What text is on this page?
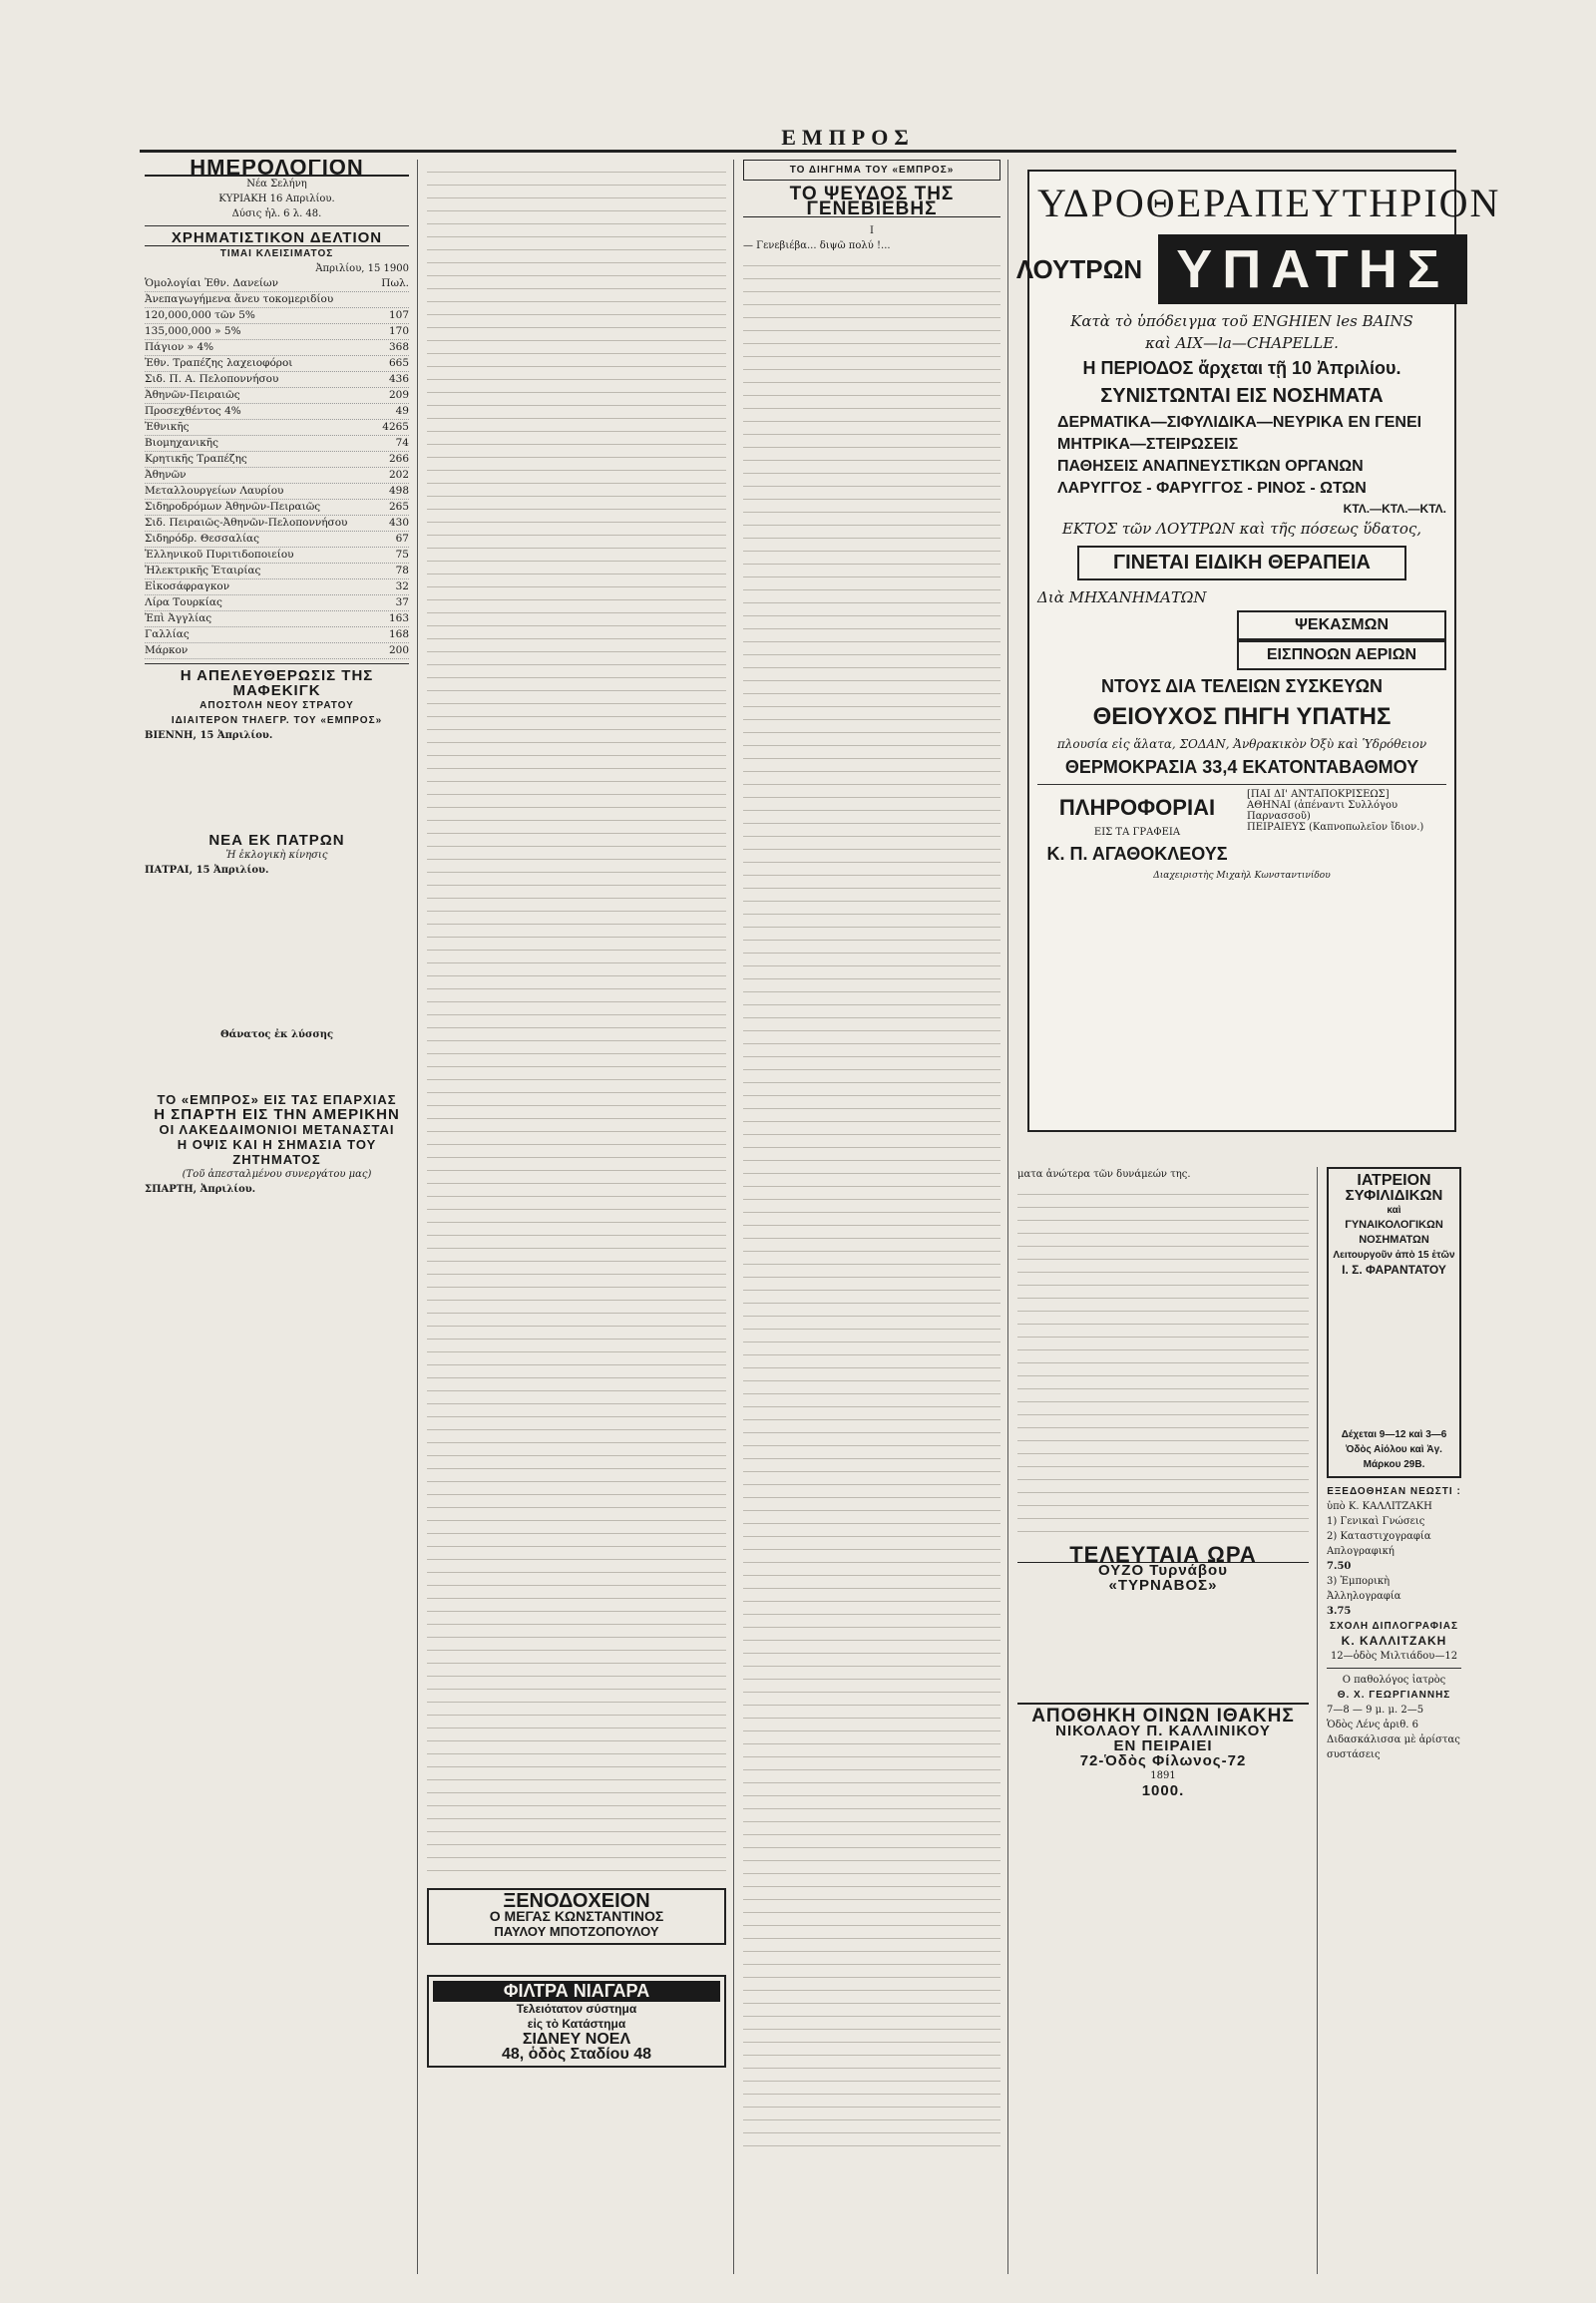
ΕΜΠΡΟΣ
ΗΜΕΡΟΛΟΓΙΟΝ
Νέα Σελήνη
ΚΥΡΙΑΚΗ 16 Απριλίου.
Δύσις ἡλ. 6 λ. 48.
ΧΡΗΜΑΤΙΣΤΙΚΟΝ ΔΕΛΤΙΟΝ
ΤΙΜΑΙ ΚΛΕΙΣΙΜΑΤΟΣ
Ἀπριλίου, 15 1900
Ὁμολογίαι Ἐθν. Δανείων	Πωλ.
Ἀνεπαγωγήμενα ἄνευ τοκομεριδίου
120,000,000 τῶν 5%	107
135,000,000 » 5%	170
Πάγιον » 4%	368
Ἐθν. Τραπέζης λαχειοφόροι	665
Σιδ. Π. Α. Πελοποννήσου	436
Ἀθηνῶν-Πειραιῶς	209
Προσεχθέντος 4%	49
Ἐθνικῆς	4265
Βιομηχανικῆς	74
Κρητικῆς Τραπέζης	266
Ἀθηνῶν	202
Μεταλλουργείων Λαυρίου	498
Σιδηροδρόμων Ἀθηνῶν-Πειραιῶς	265
Σιδ. Πειραιῶς-Ἀθηνῶν-Πελοποννήσου	430
Σιδηρόδρ. Θεσσαλίας	67
Ἑλληνικοῦ Πυριτιδοποιείου	75
Ἠλεκτρικῆς Ἑταιρίας	78
Εἰκοσάφραγκον	32
Λίρα Τουρκίας	37
Ἐπὶ Ἀγγλίας	163
Γαλλίας	168
Μάρκον	200
Η ΑΠΕΛΕΥΘΕΡΩΣΙΣ ΤΗΣ ΜΑΦΕΚΙΓΚ
ΑΠΟΣΤΟΛΗ ΝΕΟΥ ΣΤΡΑΤΟΥ
ΙΔΙΑΙΤΕΡΟΝ ΤΗΛΕΓΡ. ΤΟΥ «ΕΜΠΡΟΣ»
ΒΙΕΝΝΗ, 15 Ἀπριλίου.
ΝΕΑ ΕΚ ΠΑΤΡΩΝ
Ἡ ἐκλογικὴ κίνησις
ΠΑΤΡΑΙ, 15 Ἀπριλίου.
Θάνατος ἐκ λύσσης
ΤΟ «ΕΜΠΡΟΣ» ΕΙΣ ΤΑΣ ΕΠΑΡΧΙΑΣ
Η ΣΠΑΡΤΗ ΕΙΣ ΤΗΝ ΑΜΕΡΙΚΗΝ
ΟΙ ΛΑΚΕΔΑΙΜΟΝΙΟΙ ΜΕΤΑΝΑΣΤΑΙ
Η ΟΨΙΣ ΚΑΙ Η ΣΗΜΑΣΙΑ ΤΟΥ ΖΗΤΗΜΑΤΟΣ
(Τοῦ ἀπεσταλμένου συνεργάτου μας)
ΣΠΑΡΤΗ, Ἀπριλίου.
ΞΕΝΟΔΟΧΕΙΟΝ
Ο ΜΕΓΑΣ ΚΩΝΣΤΑΝΤΙΝΟΣ
ΠΑΥΛΟΥ ΜΠΟΤΖΟΠΟΥΛΟΥ
ΦΙΛΤΡΑ ΝΙΑΓΑΡΑ
Τελειότατον σύστημα
εἰς τὸ Κατάστημα
ΣΙΔΝΕΥ ΝΟΕΛ
48, ὁδὸς Σταδίου 48
ΤΟ ΔΙΗΓΗΜΑ ΤΟΥ «ΕΜΠΡΟΣ»
ΤΟ ΨΕΥΔΟΣ ΤΗΣ ΓΕΝΕΒΙΕΒΗΣ
Ι
— Γενεβιέβα... διψῶ πολύ !...
ΥΔΡΟΘΕΡΑΠΕΥΤΗΡΙΟΝ
ΛΟΥΤΡΩΝ ΥΠΑΤΗΣ
Κατὰ τὸ ὑπόδειγμα τοῦ ENGHIEN les BAINS
καὶ AIX—la—CHAPELLE.
Η ΠΕΡΙΟΔΟΣ ἄρχεται τῇ 10 Ἀπριλίου.
ΣΥΝΙΣΤΩΝΤΑΙ ΕΙΣ ΝΟΣΗΜΑΤΑ
ΔΕΡΜΑΤΙΚΑ—ΣΙΦΥΛΙΔΙΚΑ—ΝΕΥΡΙΚΑ ΕΝ ΓΕΝΕΙ
ΜΗΤΡΙΚΑ—ΣΤΕΙΡΩΣΕΙΣ
ΠΑΘΗΣΕΙΣ ΑΝΑΠΝΕΥΣΤΙΚΩΝ ΟΡΓΑΝΩΝ
ΛΑΡΥΓΓΟΣ - ΦΑΡΥΓΓΟΣ - ΡΙΝΟΣ - ΩΤΩΝ
ΚΤΛ.—ΚΤΛ.—ΚΤΛ.
ΕΚΤΟΣ τῶν ΛΟΥΤΡΩΝ καὶ τῆς πόσεως ὕδατος,
ΓΙΝΕΤΑΙ ΕΙΔΙΚΗ ΘΕΡΑΠΕΙΑ
Διὰ ΜΗΧΑΝΗΜΑΤΩΝ
ΨΕΚΑΣΜΩΝ
ΕΙΣΠΝΟΩΝ ΑΕΡΙΩΝ
ΝΤΟΥΣ ΔΙΑ ΤΕΛΕΙΩΝ ΣΥΣΚΕΥΩΝ
ΘΕΙΟΥΧΟΣ ΠΗΓΗ ΥΠΑΤΗΣ
πλουσία εἰς ἅλατα, ΣΟΔΑΝ, Ἀνθρακικὸν Ὀξὺ καὶ Ὑδρόθειον
ΘΕΡΜΟΚΡΑΣΙΑ 33,4 ΕΚΑΤΟΝΤΑΒΑΘΜΟΥ
ΠΛΗΡΟΦΟΡΙΑΙ
ΕΙΣ ΤΑ ΓΡΑΦΕΙΑ
Κ. Π. ΑΓΑΘΟΚΛΕΟΥΣ
[ΠΑΙ ΔΙ' ΑΝΤΑΠΟΚΡΙΣΕΩΣ]
ΑΘΗΝΑΙ (ἀπέναντι Συλλόγου Παρνασσοῦ)
ΠΕΙΡΑΙΕΥΣ (Καπνοπωλεῖον ἴδιον.)
Διαχειριστὴς Μιχαὴλ Κωνσταντινίδου
ματα ἀνώτερα τῶν δυνάμεών της.
ΤΕΛΕΥΤΑΙΑ ΩΡΑ
ΟΥΖΟ Τυρνάβου
«ΤΥΡΝΑΒΟΣ»
ΑΠΟΘΗΚΗ ΟΙΝΩΝ ΙΘΑΚΗΣ
ΝΙΚΟΛΑΟΥ Π. ΚΑΛΛΙΝΙΚΟΥ
ΕΝ ΠΕΙΡΑΙΕΙ
72-Ὁδὸς Φίλωνος-72
1891
1000.
ΙΑΤΡΕΙΟΝ
ΣΥΦΙΛΙΔΙΚΩΝ
καὶ
ΓΥΝΑΙΚΟΛΟΓΙΚΩΝ ΝΟΣΗΜΑΤΩΝ
Λειτουργοῦν ἀπὸ 15 ἐτῶν
Ι. Σ. ΦΑΡΑΝΤΑΤΟΥ
Δέχεται 9—12 καὶ 3—6
Ὁδὸς Αἰόλου καὶ Ἁγ. Μάρκου 29Β.
ΕΞΕΔΟΘΗΣΑΝ ΝΕΩΣΤΙ :
ὑπὸ Κ. ΚΑΛΛΙΤΖΑΚΗ
1) Γενικαὶ Γνώσεις
2) Καταστιχογραφία Απλογραφική
7.50
3) Ἐμπορικὴ Ἀλληλογραφία
3.75
ΣΧΟΛΗ ΔΙΠΛΟΓΡΑΦΙΑΣ
Κ. ΚΑΛΛΙΤΖΑΚΗ
12—ὁδὸς Μιλτιάδου—12
Ο παθολόγος ἰατρὸς
Θ. Χ. ΓΕΩΡΓΙΑΝΝΗΣ
7—8 — 9 μ. μ. 2—5
Ὁδὸς Λένς ἀριθ. 6
Διδασκάλισσα μὲ ἀρίστας συστάσεις
